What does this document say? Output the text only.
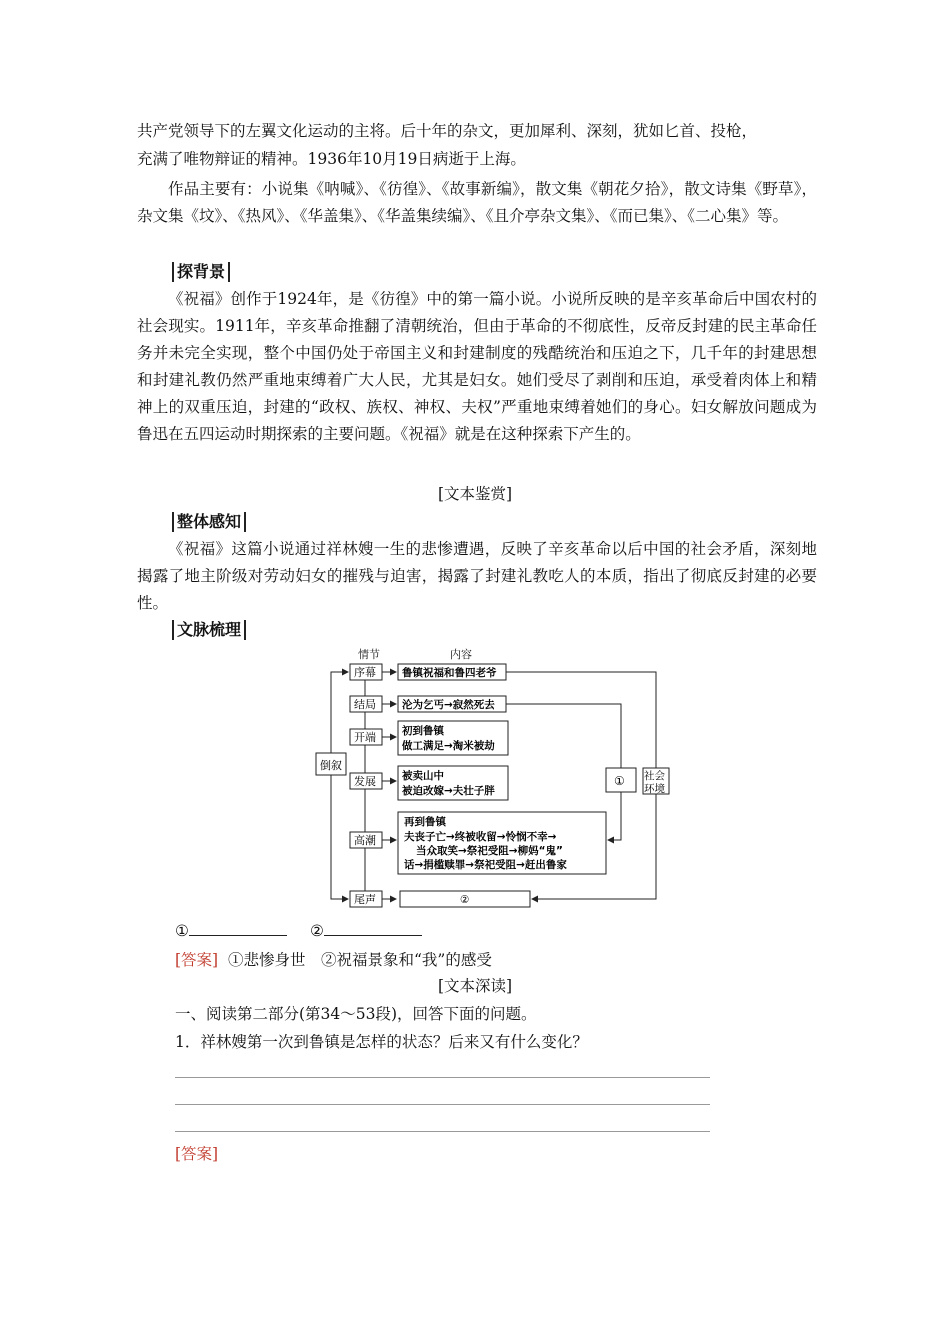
共产党领导下的左翼文化运动的主将。后十年的杂文，更加犀利、深刻，犹如匕首、投枪，

充满了唯物辩证的精神。1936年10月19日病逝于上海。

作品主要有：小说集《呐喊》、《彷徨》、《故事新编》，散文集《朝花夕拾》，散文诗集《野草》，杂文集《坟》、《热风》、《华盖集》、《华盖集续编》、《且介亭杂文集》、《而已集》、《二心集》等。

探背景

《祝福》创作于1924年，是《彷徨》中的第一篇小说。小说所反映的是辛亥革命后中国农村的社会现实。1911年，辛亥革命推翻了清朝统治，但由于革命的不彻底性，反帝反封建的民主革命任务并未完全实现，整个中国仍处于帝国主义和封建制度的残酷统治和压迫之下，几千年的封建思想和封建礼教仍然严重地束缚着广大人民，尤其是妇女。她们受尽了剥削和压迫，承受着肉体上和精神上的双重压迫，封建的“政权、族权、神权、夫权”严重地束缚着她们的身心。妇女解放问题成为鲁迅在五四运动时期探索的主要问题。《祝福》就是在这种探索下产生的。

[文本鉴赏]
整体感知

《祝福》这篇小说通过祥林嫂一生的悲惨遭遇，反映了辛亥革命以后中国的社会矛盾，深刻地揭露了地主阶级对劳动妇女的摧残与迫害，揭露了封建礼教吃人的本质，指出了彻底反封建的必要性。

文脉梳理
情节	内容
倒叙
序幕
结局
开端
发展
高潮
尾声
鲁镇祝福和鲁四老爷
沦为乞丐→寂然死去
初到鲁镇
做工满足→淘米被劫
被卖山中
被迫改嫁→夫壮子胖
再到鲁镇
夫丧子亡→终被收留→怜悯不幸→
当众取笑→祭祀受阻→柳妈“鬼”
话→捐槛赎罪→祭祀受阻→赶出鲁家
②
① 社会
环境
①	②
[答案] ①悲惨身世　②祝福景象和“我”的感受
[文本深读]
一、阅读第二部分(第34～53段)，回答下面的问题。
1．祥林嫂第一次到鲁镇是怎样的状态？后来又有什么变化？
[答案]
